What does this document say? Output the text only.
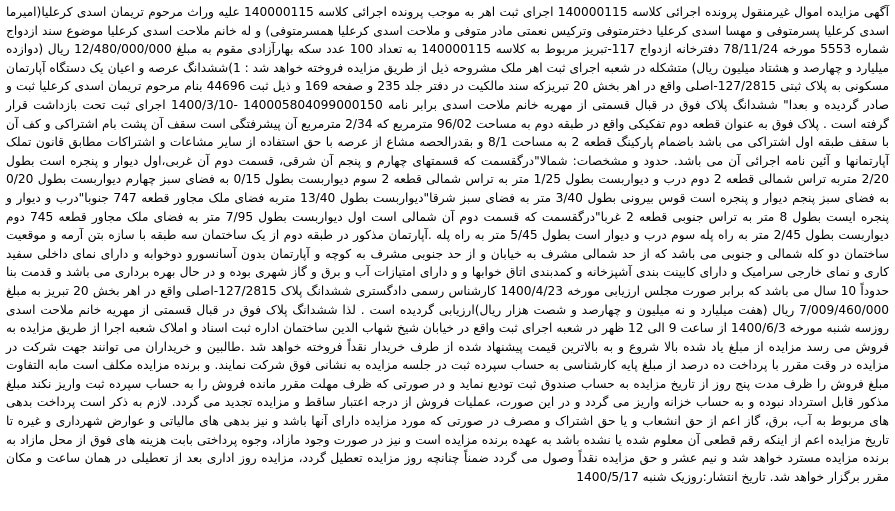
آگهی مزایده اموال غیرمنقول پرونده اجرائی کلاسه 140000115 اجرای ثبت اهر به موجب پرونده اجرائی کلاسه 140000115 علیه وراث مرحوم تریمان اسدی کرعلیا(امیرما اسدی کرعلیا پسرمتوفی و مهسا اسدی کرعلیا دخترمتوفی وترکیس نعمتی مادر متوفی و ملاحت اسدی کرعلیا همسرمتوفی) و له خانم ملاحت اسدی کرعلیا موضوع سند ازدواج شماره 5553 مورخه 78/11/24 دفترخانه ازدواج 117-تبریز مربوط به کلاسه 140000115 به تعداد 100 عدد سکه بهارآزادی مقوم به مبلغ 12/480/000/000 ریال (دوازده میلیارد و چهارصد و هشتاد میلیون ریال) متشکله در شعبه اجرای ثبت اهر ملک مشروحه ذیل از طریق مزایده فروخته خواهد شد : 1)ششدانگ عرصه و اعیان یک دستگاه آپارتمان مسکونی به پلاک ثبتی 127/2815-اصلی واقع در اهر بخش 20 تبریزکه سند مالکیت در دفتر جلد 235 و صفحه 169 و ذیل ثبت 44696 بنام مرحوم تریمان اسدی کرعلیا ثبت و صادر گردیده و بعدا" ششدانگ پلاک فوق در قبال قسمتی از مهریه خانم ملاحت اسدی برابر نامه 140005804099000150 -1400/3/10 اجرای ثبت تحت بازداشت قرار گرفته است . پلاک فوق به عنوان قطعه دوم تفکیکی واقع در طبقه دوم به مساحت 96/02 مترمربع که 2/34 مترمربع آن پیشرفتگی است سقف آن پشت بام اشتراکی و کف آن با سقف طبقه اول اشتراکی می باشد باضمام پارکینگ قطعه 2 به مساحت 8/1 و بقدرالحصه مشاع از عرصه با حق استفاده از سایر مشاعات و اشتراکات مطابق قانون تملک آپارتمانها و آئین نامه اجرائی آن می باشد. حدود و مشخصات: شمالا"درگقسمت که قسمتهای چهارم و پنجم آن شرقی، قسمت دوم آن غربی،اول دیوار و پنجره است بطول 2/20 متربه تراس شمالی قطعه 2 دوم درب و دیواربست بطول 1/25 متر به تراس شمالی قطعه 2 سوم دیواربست بطول 0/15 به فضای سبز چهارم دیواربست بطول 0/20 به فضای سبز پنجم دیوار و پنجره است قوس بیرونی بطول 3/40 متر به فضای سبز شرقا"دیواربست بطول 13/40 متربه فضای ملک مجاور قطعه 747 جنوبا"درب و دیوار و پنجره ایست بطول 8 متر به تراس جنوبی قطعه 2 غربا"درگقسمت که قسمت دوم آن شمالی است اول دیواربست بطول 7/95 متر به فضای ملک مجاور قطعه 745 دوم دیواربست بطول 2/45 متر به راه پله سوم درب و دیوار است بطول 5/45 متر به راه پله .آپارتمان مذکور در طبقه دوم از یک ساختمان سه طبقه با سازه بتن آرمه و موقعیت ساختمان دو کله شمالی و جنوبی می باشد که از حد شمالی مشرف به خیابان و از حد جنوبی مشرف به کوچه و آپارتمان بدون آسانسورو دوخوابه و دارای نمای داخلی سفید کاری و نمای خارجی سرامیک و دارای کابینت بندی آشپزخانه و کمدبندی اتاق خوابها و و دارای امتیازات آب و برق و گاز شهری بوده و در حال بهره برداری می باشد و قدمت بنا حدوداً 10 سال می باشد که برابر صورت مجلس ارزیابی مورخه 1400/4/23 کارشناس رسمی دادگستری ششدانگ پلاک 127/2815-اصلی واقع در اهر بخش 20 تبریز به مبلغ 7/009/460/000 ریال (هفت میلیارد و نه میلیون و چهارصد و شصت هزار ریال)ارزیابی گردیده است . لذا ششدانگ پلاک فوق در قبال قسمتی از مهریه خانم ملاحت اسدی روزسه شنبه مورخه 1400/6/3 از ساعت 9 الی 12 ظهر در شعبه اجرای ثبت واقع در خیابان شیخ شهاب الدین ساختمان اداره ثبت اسناد و املاک شعبه اجرا از طریق مزایده به فروش می رسد مزایده از مبلغ یاد شده بالا شروع و به بالاترین قیمت پیشنهاد شده از طرف خریدار نقداً فروخته خواهد شد .طالبین و خریداران می توانند جهت شرکت در مزایده در وقت مقرر با پرداخت ده درصد از مبلغ پایه کارشناسی به حساب سپرده ثبت در جلسه مزایده به نشانی فوق شرکت نمایند. و برنده مزایده مکلف است مابه التفاوت مبلغ فروش را ظرف مدت پنج روز از تاریخ مزایده به حساب صندوق ثبت تودیع نماید و در صورتی که ظرف مهلت مقرر مانده فروش را به حساب سپرده ثبت واریز نکند مبلغ مذکور قابل استرداد نبوده و به حساب خزانه واریز می گردد و در این صورت، عملیات فروش از درجه اعتبار ساقط و مزایده تجدید می گردد. لازم به ذکر است پرداخت بدهی های مربوط به آب، برق، گاز اعم از حق انشعاب و یا حق اشتراک و مصرف در صورتی که مورد مزایده دارای آنها باشد و نیز بدهی های مالیاتی و عوارض شهرداری و غیره تا تاریخ مزایده اعم از اینکه رقم قطعی آن معلوم شده یا نشده باشد به عهده برنده مزایده است و نیز در صورت وجود مازاد، وجوه پرداختی بابت هزینه های فوق از محل مازاد به برنده مزایده مسترد خواهد شد و نیم عشر و حق مزایده نقداً وصول می گردد ضمناً چنانچه روز مزایده تعطیل گردد، مزایده روز اداری بعد از تعطیلی در همان ساعت و مکان مقرر برگزار خواهد شد. تاریخ انتشار:روزیک شنبه 1400/5/17
